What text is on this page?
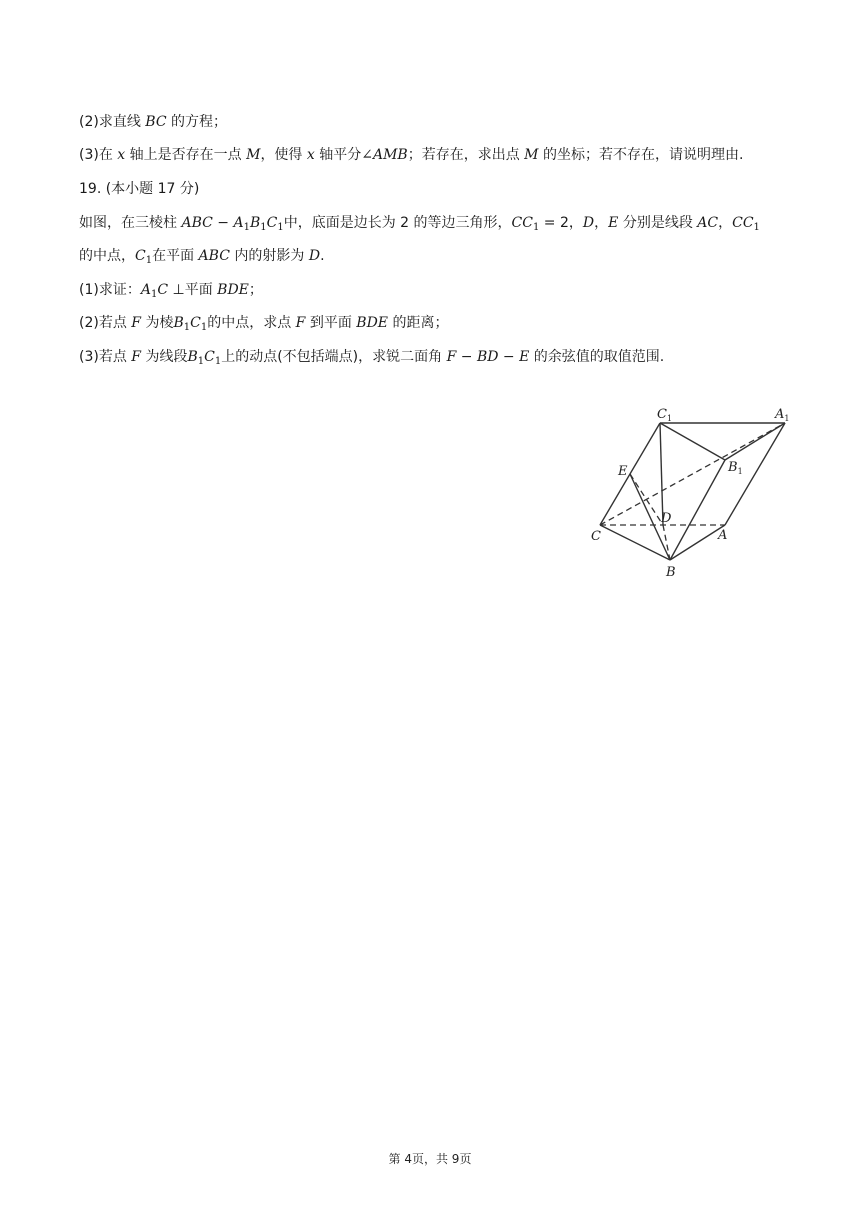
(2)求直线 BC 的方程；
(3)在 x 轴上是否存在一点 M，使得 x 轴平分∠AMB；若存在，求出点 M 的坐标；若不存在，请说明理由.
19. (本小题 17 分)
如图，在三棱柱 ABC − $A_1B_1C_1$中，底面是边长为 2 的等边三角形，$CC_1 = 2$，D，E 分别是线段 AC，$CC_1$
的中点，$C_1$在平面 ABC 内的射影为 D.
(1)求证：$A_1C$ ⊥平面 BDE；
(2)若点 F 为棱$B_1C_1$的中点，求点 F 到平面 BDE 的距离；
(3)若点 F 为线段$B_1C_1$上的动点(不包括端点)，求锐二面角 F − BD − E 的余弦值的取值范围.
$C_1$	$A_1$
$B_1$
E
D
C	A
B
第 4页，共 9页
